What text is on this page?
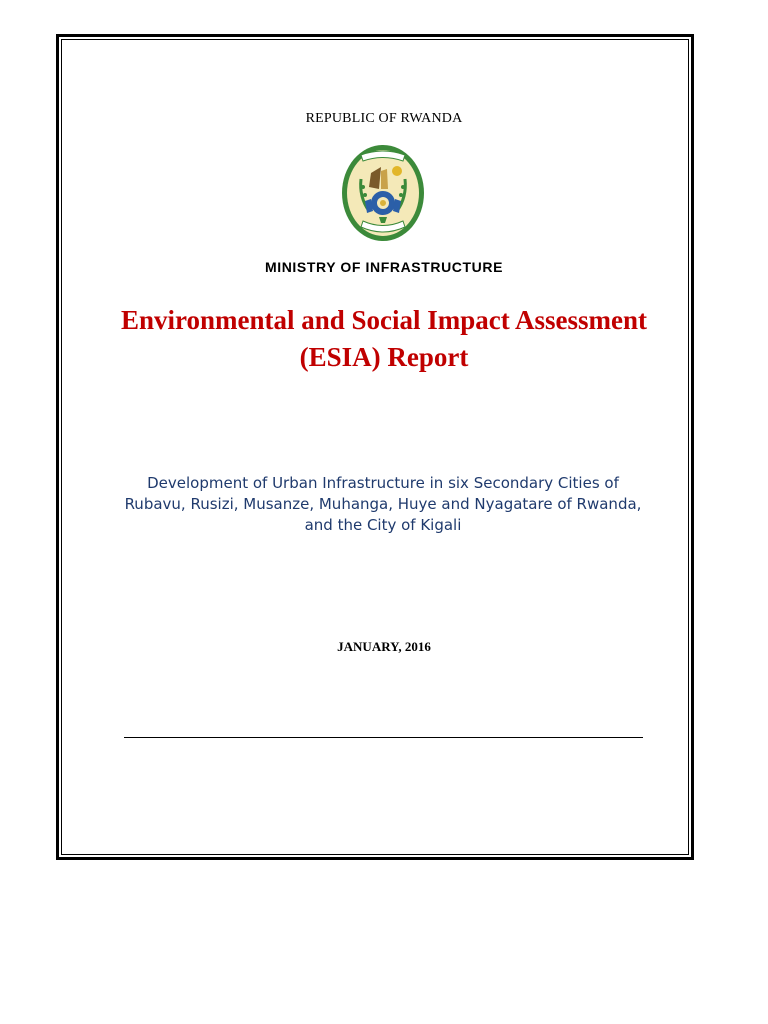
REPUBLIC OF RWANDA
MINISTRY OF INFRASTRUCTURE
Environmental and Social Impact Assessment
(ESIA) Report
Development of Urban Infrastructure in six Secondary Cities of
Rubavu, Rusizi, Musanze, Muhanga, Huye and Nyagatare of Rwanda,
and the City of Kigali
JANUARY, 2016
